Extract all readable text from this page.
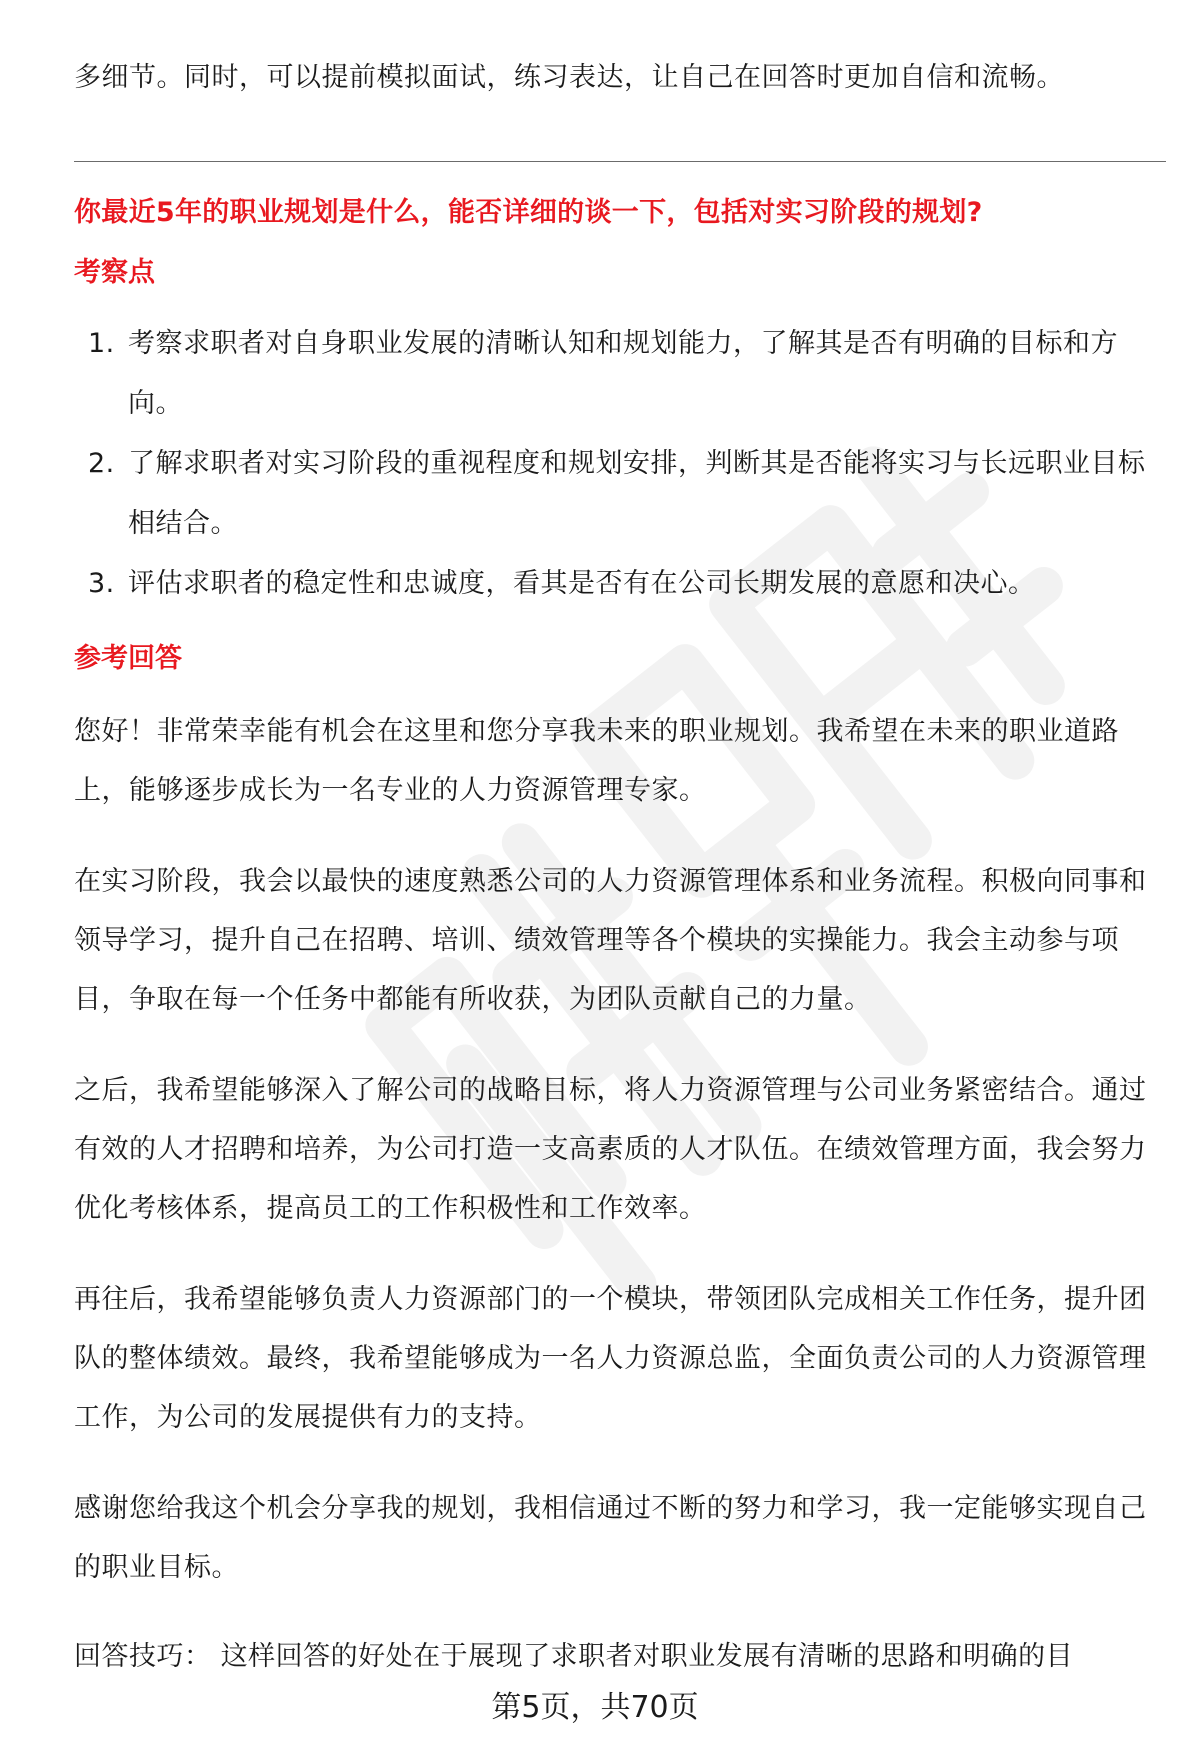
多细节。同时，可以提前模拟面试，练习表达，让自己在回答时更加自信和流畅。

你最近5年的职业规划是什么，能否详细的谈一下，包括对实习阶段的规划?

考察点

1. 考察求职者对自身职业发展的清晰认知和规划能力，了解其是否有明确的目标和方向。
2. 了解求职者对实习阶段的重视程度和规划安排，判断其是否能将实习与长远职业目标相结合。
3. 评估求职者的稳定性和忠诚度，看其是否有在公司长期发展的意愿和决心。

参考回答

您好！非常荣幸能有机会在这里和您分享我未来的职业规划。我希望在未来的职业道路上，能够逐步成长为一名专业的人力资源管理专家。

在实习阶段，我会以最快的速度熟悉公司的人力资源管理体系和业务流程。积极向同事和领导学习，提升自己在招聘、培训、绩效管理等各个模块的实操能力。我会主动参与项目，争取在每一个任务中都能有所收获，为团队贡献自己的力量。

之后，我希望能够深入了解公司的战略目标，将人力资源管理与公司业务紧密结合。通过有效的人才招聘和培养，为公司打造一支高素质的人才队伍。在绩效管理方面，我会努力优化考核体系，提高员工的工作积极性和工作效率。

再往后，我希望能够负责人力资源部门的一个模块，带领团队完成相关工作任务，提升团队的整体绩效。最终，我希望能够成为一名人力资源总监，全面负责公司的人力资源管理工作，为公司的发展提供有力的支持。

感谢您给我这个机会分享我的规划，我相信通过不断的努力和学习，我一定能够实现自己的职业目标。

回答技巧： 这样回答的好处在于展现了求职者对职业发展有清晰的思路和明确的目

第5页，共70页
